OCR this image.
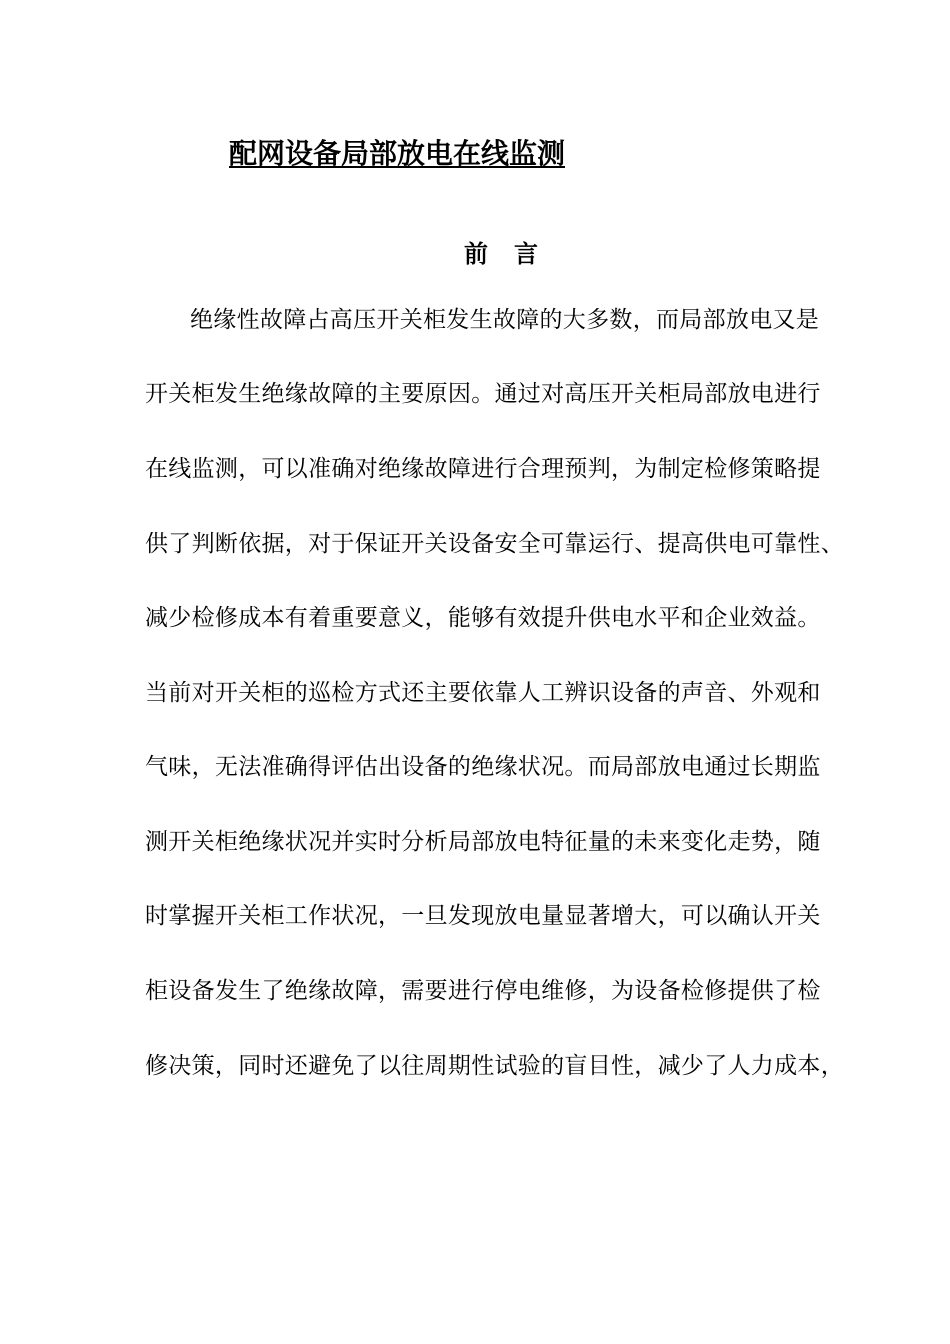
配网设备局部放电在线监测
前言

绝缘性故障占高压开关柜发生故障的大多数，而局部放电又是

开关柜发生绝缘故障的主要原因。通过对高压开关柜局部放电进行

在线监测，可以准确对绝缘故障进行合理预判，为制定检修策略提

供了判断依据，对于保证开关设备安全可靠运行、提高供电可靠性、

减少检修成本有着重要意义，能够有效提升供电水平和企业效益。

当前对开关柜的巡检方式还主要依靠人工辨识设备的声音、外观和

气味，无法准确得评估出设备的绝缘状况。而局部放电通过长期监

测开关柜绝缘状况并实时分析局部放电特征量的未来变化走势，随

时掌握开关柜工作状况，一旦发现放电量显著增大，可以确认开关

柜设备发生了绝缘故障，需要进行停电维修，为设备检修提供了检

修决策，同时还避免了以往周期性试验的盲目性，减少了人力成本，
